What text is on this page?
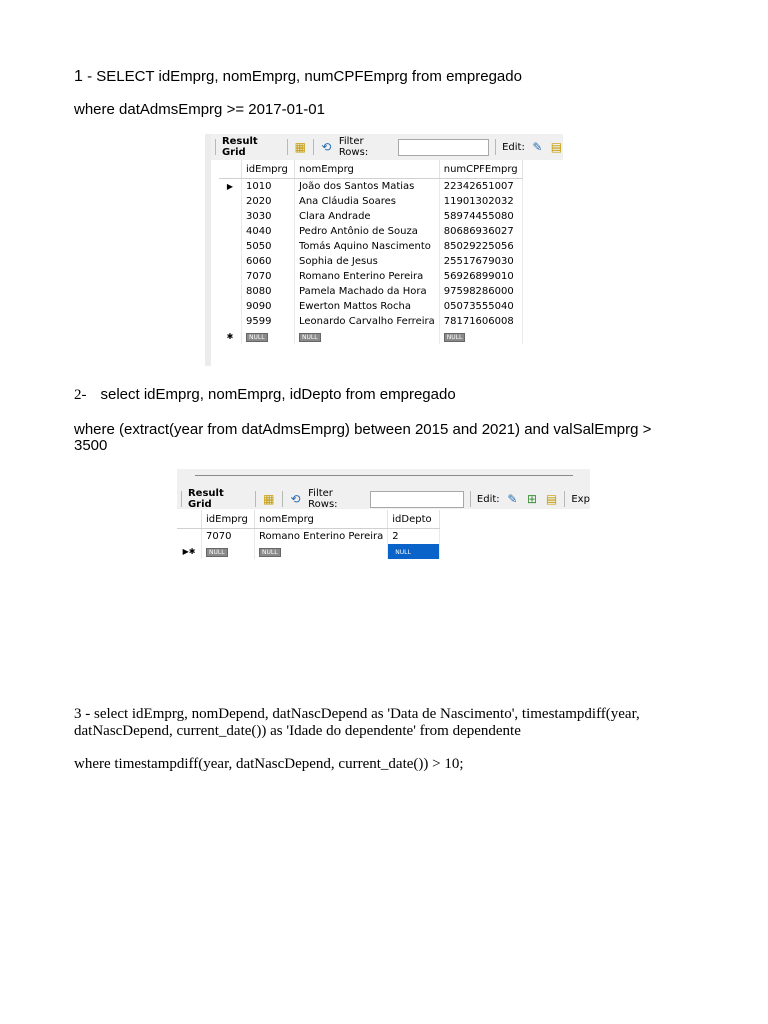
1 - SELECT idEmprg, nomEmprg, numCPFEmprg from empregado
where datAdmsEmprg >= 2017-01-01
Result Grid	▦ ⟲ Filter Rows:	Edit: ✎ ▤
	idEmprg	nomEmprg	numCPFEmprg
▶	1010	João dos Santos Matias	22342651007
	2020	Ana Cláudia Soares	11901302032
	3030	Clara Andrade	58974455080
	4040	Pedro Antônio de Souza	80686936027
	5050	Tomás Aquino Nascimento	85029225056
	6060	Sophia de Jesus	25517679030
	7070	Romano Enterino Pereira	56926899010
	8080	Pamela Machado da Hora	97598286000
	9090	Ewerton Mattos Rocha	05073555040
	9599	Leonardo Carvalho Ferreira	78171606008
✱	NULL	NULL	NULL
2- select idEmprg, nomEmprg, idDepto from empregado
where (extract(year from datAdmsEmprg) between 2015 and 2021) and valSalEmprg >
3500
Result Grid	▦ ⟲ Filter Rows:	Edit: ✎ ⊞ ▤ Exp
	idEmprg	nomEmprg	idDepto
	7070	Romano Enterino Pereira	2
▶✱	NULL	NULL	NULL
3 - select idEmprg, nomDepend, datNascDepend as 'Data de Nascimento', timestampdiff(year,
datNascDepend, current_date()) as 'Idade do dependente' from dependente
where timestampdiff(year, datNascDepend, current_date()) > 10;
